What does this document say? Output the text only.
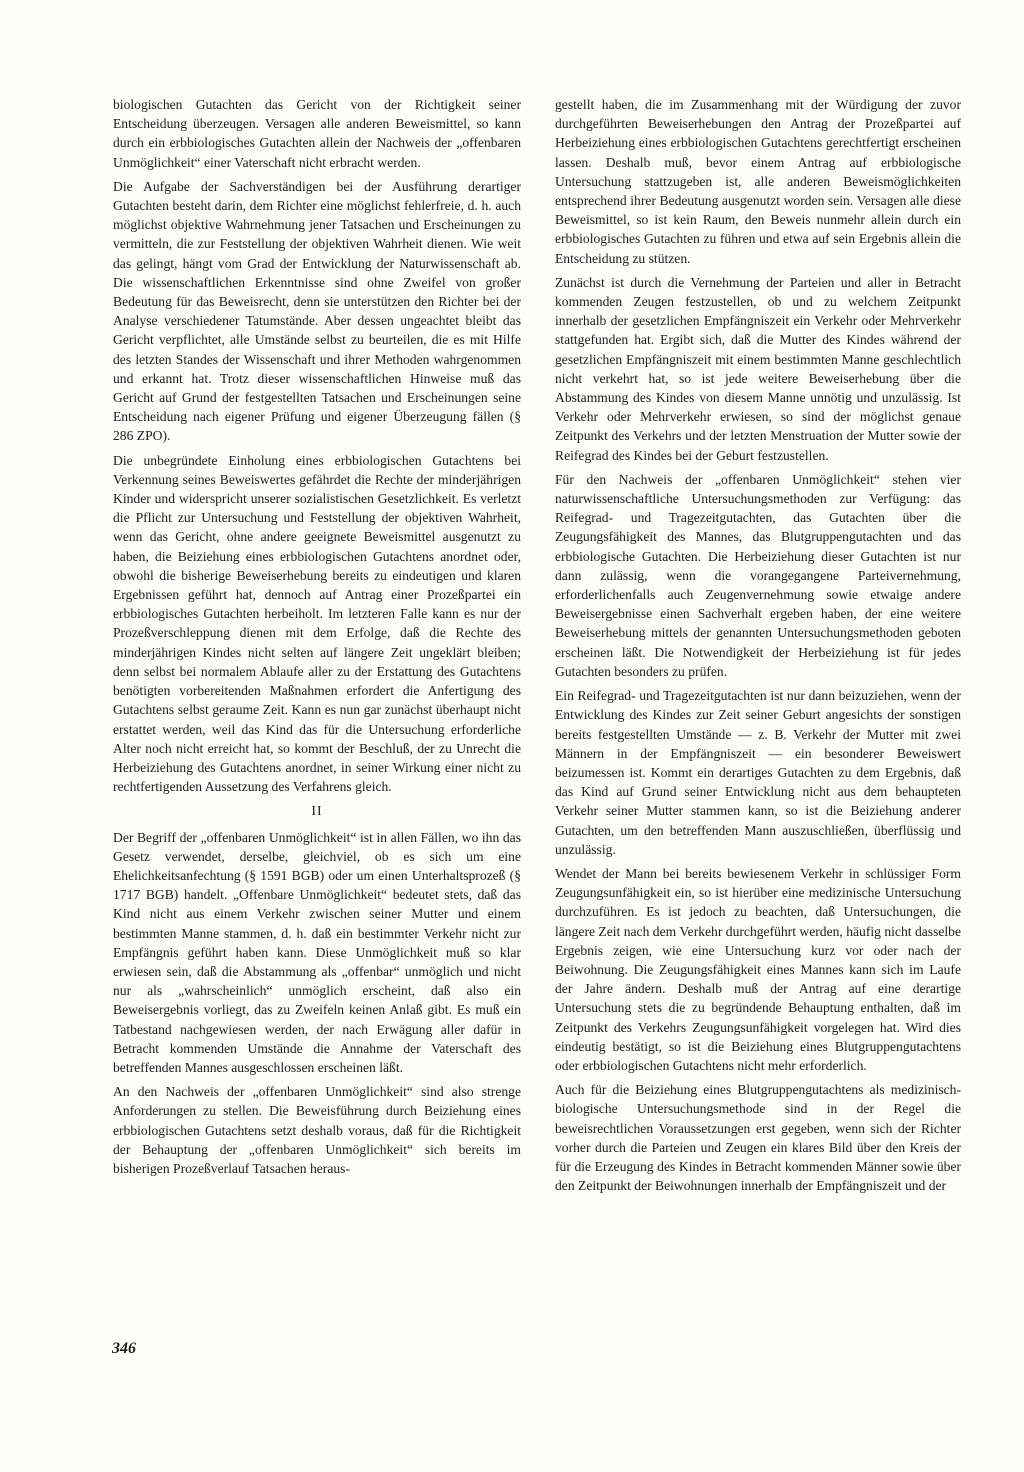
biologischen Gutachten das Gericht von der Richtigkeit seiner Entscheidung überzeugen. Versagen alle anderen Beweismittel, so kann durch ein erbbiologisches Gutachten allein der Nachweis der „offenbaren Unmöglichkeit“ einer Vaterschaft nicht erbracht werden.

Die Aufgabe der Sachverständigen bei der Ausführung derartiger Gutachten besteht darin, dem Richter eine möglichst fehlerfreie, d. h. auch möglichst objektive Wahrnehmung jener Tatsachen und Erscheinungen zu vermitteln, die zur Feststellung der objektiven Wahrheit dienen. Wie weit das gelingt, hängt vom Grad der Entwicklung der Naturwissenschaft ab. Die wissenschaftlichen Erkenntnisse sind ohne Zweifel von großer Bedeutung für das Beweisrecht, denn sie unterstützen den Richter bei der Analyse verschiedener Tatumstände. Aber dessen ungeachtet bleibt das Gericht verpflichtet, alle Umstände selbst zu beurteilen, die es mit Hilfe des letzten Standes der Wissenschaft und ihrer Methoden wahrgenommen und erkannt hat. Trotz dieser wissenschaftlichen Hinweise muß das Gericht auf Grund der festgestellten Tatsachen und Erscheinungen seine Entscheidung nach eigener Prüfung und eigener Überzeugung fällen (§ 286 ZPO).

Die unbegründete Einholung eines erbbiologischen Gutachtens bei Verkennung seines Beweiswertes gefährdet die Rechte der minderjährigen Kinder und widerspricht unserer sozialistischen Gesetzlichkeit. Es verletzt die Pflicht zur Untersuchung und Feststellung der objektiven Wahrheit, wenn das Gericht, ohne andere geeignete Beweismittel ausgenutzt zu haben, die Beiziehung eines erbbiologischen Gutachtens anordnet oder, obwohl die bisherige Beweiserhebung bereits zu eindeutigen und klaren Ergebnissen geführt hat, dennoch auf Antrag einer Prozeßpartei ein erbbiologisches Gutachten herbeiholt. Im letzteren Falle kann es nur der Prozeßverschleppung dienen mit dem Erfolge, daß die Rechte des minderjährigen Kindes nicht selten auf längere Zeit ungeklärt bleiben; denn selbst bei normalem Ablaufe aller zu der Erstattung des Gutachtens benötigten vorbereitenden Maßnahmen erfordert die Anfertigung des Gutachtens selbst geraume Zeit. Kann es nun gar zunächst überhaupt nicht erstattet werden, weil das Kind das für die Untersuchung erforderliche Alter noch nicht erreicht hat, so kommt der Beschluß, der zu Unrecht die Herbeiziehung des Gutachtens anordnet, in seiner Wirkung einer nicht zu rechtfertigenden Aussetzung des Verfahrens gleich.

II

Der Begriff der „offenbaren Unmöglichkeit“ ist in allen Fällen, wo ihn das Gesetz verwendet, derselbe, gleichviel, ob es sich um eine Ehelichkeitsanfechtung (§ 1591 BGB) oder um einen Unterhaltsprozeß (§ 1717 BGB) handelt. „Offenbare Unmöglichkeit“ bedeutet stets, daß das Kind nicht aus einem Verkehr zwischen seiner Mutter und einem bestimmten Manne stammen, d. h. daß ein bestimmter Verkehr nicht zur Empfängnis geführt haben kann. Diese Unmöglichkeit muß so klar erwiesen sein, daß die Abstammung als „offenbar“ unmöglich und nicht nur als „wahrscheinlich“ unmöglich erscheint, daß also ein Beweisergebnis vorliegt, das zu Zweifeln keinen Anlaß gibt. Es muß ein Tatbestand nachgewiesen werden, der nach Erwägung aller dafür in Betracht kommenden Umstände die Annahme der Vaterschaft des betreffenden Mannes ausgeschlossen erscheinen läßt.

An den Nachweis der „offenbaren Unmöglichkeit“ sind also strenge Anforderungen zu stellen. Die Beweisführung durch Beiziehung eines erbbiologischen Gutachtens setzt deshalb voraus, daß für die Richtigkeit der Behauptung der „offenbaren Unmöglichkeit“ sich bereits im bisherigen Prozeßverlauf Tatsachen heraus-

gestellt haben, die im Zusammenhang mit der Würdigung der zuvor durchgeführten Beweiserhebungen den Antrag der Prozeßpartei auf Herbeiziehung eines erbbiologischen Gutachtens gerechtfertigt erscheinen lassen. Deshalb muß, bevor einem Antrag auf erbbiologische Untersuchung stattzugeben ist, alle anderen Beweismöglichkeiten entsprechend ihrer Bedeutung ausgenutzt worden sein. Versagen alle diese Beweismittel, so ist kein Raum, den Beweis nunmehr allein durch ein erbbiologisches Gutachten zu führen und etwa auf sein Ergebnis allein die Entscheidung zu stützen.

Zunächst ist durch die Vernehmung der Parteien und aller in Betracht kommenden Zeugen festzustellen, ob und zu welchem Zeitpunkt innerhalb der gesetzlichen Empfängniszeit ein Verkehr oder Mehrverkehr stattgefunden hat. Ergibt sich, daß die Mutter des Kindes während der gesetzlichen Empfängniszeit mit einem bestimmten Manne geschlechtlich nicht verkehrt hat, so ist jede weitere Beweiserhebung über die Abstammung des Kindes von diesem Manne unnötig und unzulässig. Ist Verkehr oder Mehrverkehr erwiesen, so sind der möglichst genaue Zeitpunkt des Verkehrs und der letzten Menstruation der Mutter sowie der Reifegrad des Kindes bei der Geburt festzustellen.

Für den Nachweis der „offenbaren Unmöglichkeit“ stehen vier naturwissenschaftliche Untersuchungsmethoden zur Verfügung: das Reifegrad- und Tragezeitgutachten, das Gutachten über die Zeugungsfähigkeit des Mannes, das Blutgruppengutachten und das erbbiologische Gutachten. Die Herbeiziehung dieser Gutachten ist nur dann zulässig, wenn die vorangegangene Parteivernehmung, erforderlichenfalls auch Zeugenvernehmung sowie etwaige andere Beweisergebnisse einen Sachverhalt ergeben haben, der eine weitere Beweiserhebung mittels der genannten Untersuchungsmethoden geboten erscheinen läßt. Die Notwendigkeit der Herbeiziehung ist für jedes Gutachten besonders zu prüfen.

Ein Reifegrad- und Tragezeitgutachten ist nur dann beizuziehen, wenn der Entwicklung des Kindes zur Zeit seiner Geburt angesichts der sonstigen bereits festgestellten Umstände — z. B. Verkehr der Mutter mit zwei Männern in der Empfängniszeit — ein besonderer Beweiswert beizumessen ist. Kommt ein derartiges Gutachten zu dem Ergebnis, daß das Kind auf Grund seiner Entwicklung nicht aus dem behaupteten Verkehr seiner Mutter stammen kann, so ist die Beiziehung anderer Gutachten, um den betreffenden Mann auszuschließen, überflüssig und unzulässig.

Wendet der Mann bei bereits bewiesenem Verkehr in schlüssiger Form Zeugungsunfähigkeit ein, so ist hierüber eine medizinische Untersuchung durchzuführen. Es ist jedoch zu beachten, daß Untersuchungen, die längere Zeit nach dem Verkehr durchgeführt werden, häufig nicht dasselbe Ergebnis zeigen, wie eine Untersuchung kurz vor oder nach der Beiwohnung. Die Zeugungsfähigkeit eines Mannes kann sich im Laufe der Jahre ändern. Deshalb muß der Antrag auf eine derartige Untersuchung stets die zu begründende Behauptung enthalten, daß im Zeitpunkt des Verkehrs Zeugungsunfähigkeit vorgelegen hat. Wird dies eindeutig bestätigt, so ist die Beiziehung eines Blutgruppengutachtens oder erbbiologischen Gutachtens nicht mehr erforderlich.

Auch für die Beiziehung eines Blutgruppengutachtens als medizinisch-biologische Untersuchungsmethode sind in der Regel die beweisrechtlichen Voraussetzungen erst gegeben, wenn sich der Richter vorher durch die Parteien und Zeugen ein klares Bild über den Kreis der für die Erzeugung des Kindes in Betracht kommenden Männer sowie über den Zeitpunkt der Beiwohnungen innerhalb der Empfängniszeit und der

346
